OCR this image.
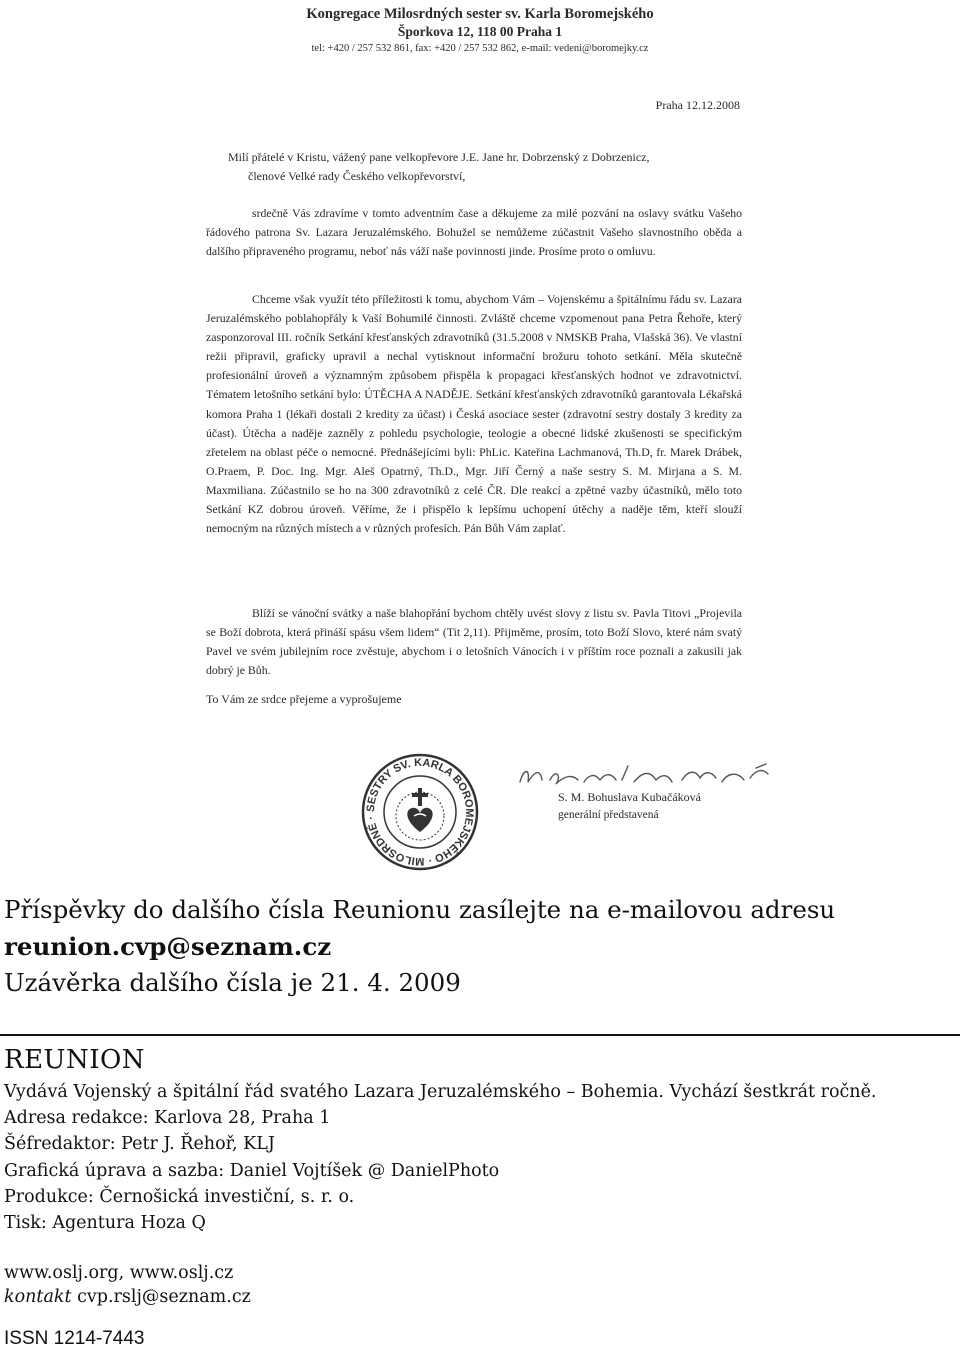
Kongregace Milosrdných sester sv. Karla Boromejského
Šporkova 12, 118 00 Praha 1
tel: +420 / 257 532 861, fax: +420 / 257 532 862, e-mail: vedeni@boromejky.cz
Praha 12.12.2008
Milí přátelé v Kristu, vážený pane velkopřevore J.E. Jane hr. Dobrzenský z Dobrzenicz,
členové Velké rady Českého velkopřevorství,
srdečně Vás zdravíme v tomto adventním čase a děkujeme za milé pozvání na oslavy svátku Vašeho řádového patrona Sv. Lazara Jeruzalémského. Bohužel se nemůžeme zúčastnit Vašeho slavnostního oběda a dalšího připraveného programu, neboť nás váží naše povinnosti jinde. Prosíme proto o omluvu.
Chceme však využít této příležitosti k tomu, abychom Vám – Vojenskému a špitálnímu řádu sv. Lazara Jeruzalémského poblahopřály k Vaší Bohumilé činnosti. Zvláště chceme vzpomenout pana Petra Řehoře, který zasponzoroval III. ročník Setkání křesťanských zdravotníků (31.5.2008 v NMSKB Praha, Vlašská 36). Ve vlastní režii připravil, graficky upravil a nechal vytisknout informační brožuru tohoto setkání. Měla skutečně profesionální úroveň a významným způsobem přispěla k propagaci křesťanských hodnot ve zdravotnictví. Tématem letošního setkání bylo: ÚTĚCHA A NADĚJE. Setkání křesťanských zdravotníků garantovala Lékařská komora Praha 1 (lékaři dostali 2 kredity za účast) i Česká asociace sester (zdravotní sestry dostaly 3 kredity za účast). Útěcha a naděje zazněly z pohledu psychologie, teologie a obecné lidské zkušenosti se specifickým zřetelem na oblast péče o nemocné. Přednášejícími byli: PhLic. Kateřina Lachmanová, Th.D, fr. Marek Drábek, O.Praem, P. Doc. Ing. Mgr. Aleš Opatrný, Th.D., Mgr. Jiří Černý a naše sestry S. M. Mirjana a S. M. Maxmiliana. Zúčastnilo se ho na 300 zdravotníků z celé ČR. Dle reakcí a zpětné vazby účastníků, mělo toto Setkání KZ dobrou úroveň. Věříme, že i přispělo k lepšímu uchopení útěchy a naděje těm, kteří slouží nemocným na různých místech a v různých profesích. Pán Bůh Vám zaplať.
Blíží se vánoční svátky a naše blahopřání bychom chtěly uvést slovy z listu sv. Pavla Titovi „Projevila se Boží dobrota, která přináší spásu všem lidem“ (Tit 2,11). Přijměme, prosím, toto Boží Slovo, které nám svatý Pavel ve svém jubilejním roce zvěstuje, abychom i o letošních Vánocích i v příštím roce poznali a zakusili jak dobrý je Bůh.
To Vám ze srdce přejeme a vyprošujeme
SESTRY SV. KARLA BOROMEJSKÉHO · MILOSRDNÉ ·
S. M. Bohuslava Kubačáková
generální představená
Příspěvky do dalšího čísla Reunionu zasílejte na e-mailovou adresu
reunion.cvp@seznam.cz
Uzávěrka dalšího čísla je 21. 4. 2009
REUNION
Vydává Vojenský a špitální řád svatého Lazara Jeruzalémského – Bohemia. Vychází šestkrát ročně.
Adresa redakce: Karlova 28, Praha 1
Šéfredaktor: Petr J. Řehoř, KLJ
Grafická úprava a sazba: Daniel Vojtíšek @ DanielPhoto
Produkce: Černošická investiční, s. r. o.
Tisk: Agentura Hoza Q
www.oslj.org, www.oslj.cz
kontakt cvp.rslj@seznam.cz
ISSN 1214-7443
